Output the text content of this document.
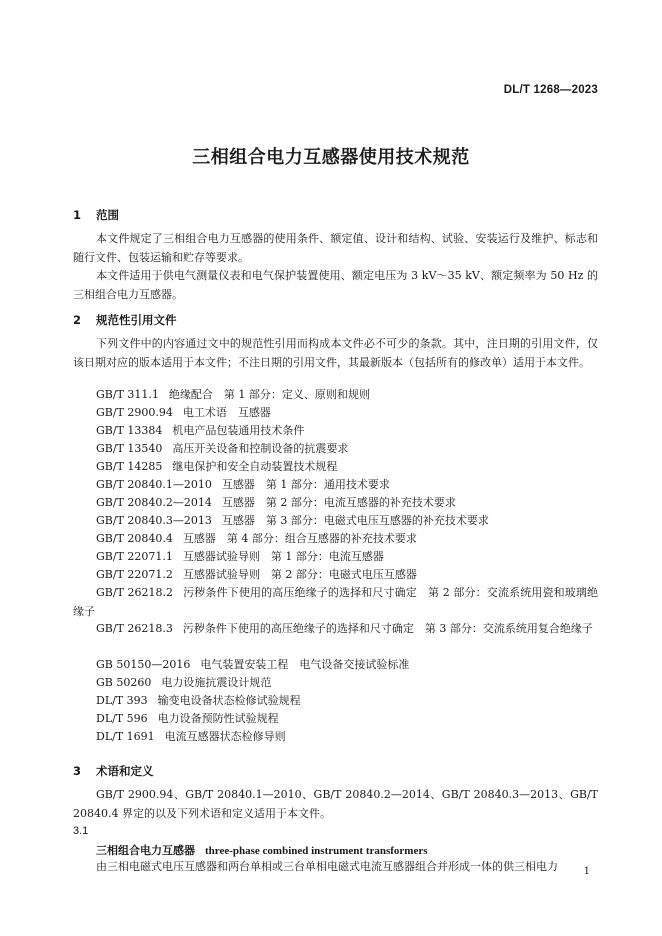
DL/T 1268—2023
三相组合电力互感器使用技术规范
1 范围

本文件规定了三相组合电力互感器的使用条件、额定值、设计和结构、试验、安装运行及维护、标志和随行文件、包装运输和贮存等要求。

本文件适用于供电气测量仪表和电气保护装置使用、额定电压为 3 kV～35 kV、额定频率为 50 Hz 的三相组合电力互感器。

2 规范性引用文件

下列文件中的内容通过文中的规范性引用而构成本文件必不可少的条款。其中，注日期的引用文件，仅该日期对应的版本适用于本文件；不注日期的引用文件，其最新版本（包括所有的修改单）适用于本文件。

GB/T 311.1 绝缘配合　第 1 部分：定义、原则和规则
GB/T 2900.94 电工术语　互感器
GB/T 13384 机电产品包装通用技术条件
GB/T 13540 高压开关设备和控制设备的抗震要求
GB/T 14285 继电保护和安全自动装置技术规程
GB/T 20840.1—2010 互感器　第 1 部分：通用技术要求
GB/T 20840.2—2014 互感器　第 2 部分：电流互感器的补充技术要求
GB/T 20840.3—2013 互感器　第 3 部分：电磁式电压互感器的补充技术要求
GB/T 20840.4 互感器　第 4 部分：组合互感器的补充技术要求
GB/T 22071.1 互感器试验导则　第 1 部分：电流互感器
GB/T 22071.2 互感器试验导则　第 2 部分：电磁式电压互感器

GB/T 26218.2 污秽条件下使用的高压绝缘子的选择和尺寸确定　第 2 部分：交流系统用瓷和玻璃绝缘子

GB/T 26218.3 污秽条件下使用的高压绝缘子的选择和尺寸确定　第 3 部分：交流系统用复合绝缘子

GB 50150—2016 电气装置安装工程　电气设备交接试验标准
GB 50260 电力设施抗震设计规范
DL/T 393 输变电设备状态检修试验规程
DL/T 596 电力设备预防性试验规程
DL/T 1691 电流互感器状态检修导则
3 术语和定义

GB/T 2900.94、GB/T 20840.1—2010、GB/T 20840.2—2014、GB/T 20840.3—2013、GB/T 20840.4 界定的以及下列术语和定义适用于本文件。

3.1
三相组合电力互感器 three-phase combined instrument transformers
由三相电磁式电压互感器和两台单相或三台单相电磁式电流互感器组合并形成一体的供三相电力	1
